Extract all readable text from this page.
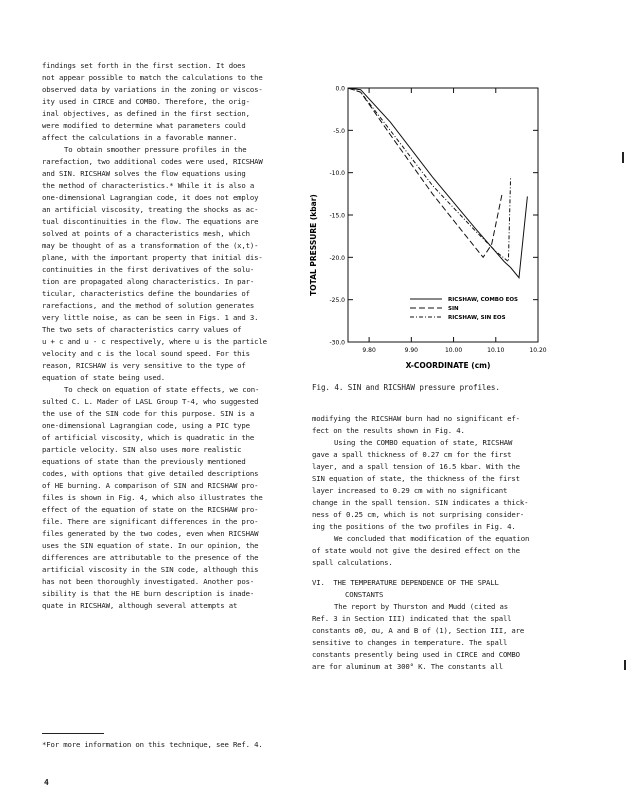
findings set forth in the first section. It does
not appear possible to match the calculations to the
observed data by variations in the zoning or viscos-
ity used in CIRCE and COMBO. Therefore, the orig-
inal objectives, as defined in the first section,
were modified to determine what parameters could
affect the calculations in a favorable manner.
To obtain smoother pressure profiles in the
rarefaction, two additional codes were used, RICSHAW
and SIN. RICSHAW solves the flow equations using
the method of characteristics.* While it is also a
one-dimensional Lagrangian code, it does not employ
an artificial viscosity, treating the shocks as ac-
tual discontinuities in the flow. The equations are
solved at points of a characteristics mesh, which
may be thought of as a transformation of the (x,t)-
plane, with the important property that initial dis-
continuities in the first derivatives of the solu-
tion are propagated along characteristics. In par-
ticular, characteristics define the boundaries of
rarefactions, and the method of solution generates
very little noise, as can be seen in Figs. 1 and 3.
The two sets of characteristics carry values of
u + c and u - c respectively, where u is the particle
velocity and c is the local sound speed. For this
reason, RICSHAW is very sensitive to the type of
equation of state being used.
To check on equation of state effects, we con-
sulted C. L. Mader of LASL Group T-4, who suggested
the use of the SIN code for this purpose. SIN is a
one-dimensional Lagrangian code, using a PIC type
of artificial viscosity, which is quadratic in the
particle velocity. SIN also uses more realistic
equations of state than the previously mentioned
codes, with options that give detailed descriptions
of HE burning. A comparison of SIN and RICSHAW pro-
files is shown in Fig. 4, which also illustrates the
effect of the equation of state on the RICSHAW pro-
file. There are significant differences in the pro-
files generated by the two codes, even when RICSHAW
uses the SIN equation of state. In our opinion, the
differences are attributable to the presence of the
artificial viscosity in the SIN code, although this
has not been thoroughly investigated. Another pos-
sibility is that the HE burn description is inade-
quate in RICSHAW, although several attempts at
*For more information on this technique, see Ref. 4.
4
0.0
-5.0
-10.0
-15.0
-20.0
-25.0
-30.0
9.80	9.90	10.00	10.10	10.20
RICSHAW, COMBO EOS
SIN
RICSHAW, SIN EOS
TOTAL PRESSURE (kbar)
X-COORDINATE (cm)
Fig. 4. SIN and RICSHAW pressure profiles.
modifying the RICSHAW burn had no significant ef-
fect on the results shown in Fig. 4.
Using the COMBO equation of state, RICSHAW
gave a spall thickness of 0.27 cm for the first
layer, and a spall tension of 16.5 kbar. With the
SIN equation of state, the thickness of the first
layer increased to 0.29 cm with no significant
change in the spall tension. SIN indicates a thick-
ness of 0.25 cm, which is not surprising consider-
ing the positions of the two profiles in Fig. 4.
We concluded that modification of the equation
of state would not give the desired effect on the
spall calculations.
VI. THE TEMPERATURE DEPENDENCE OF THE SPALL
CONSTANTS
The report by Thurston and Mudd (cited as
Ref. 3 in Section III) indicated that the spall
constants σ0, σu, A and B of (1), Section III, are
sensitive to changes in temperature. The spall
constants presently being used in CIRCE and COMBO
are for aluminum at 300° K. The constants all
